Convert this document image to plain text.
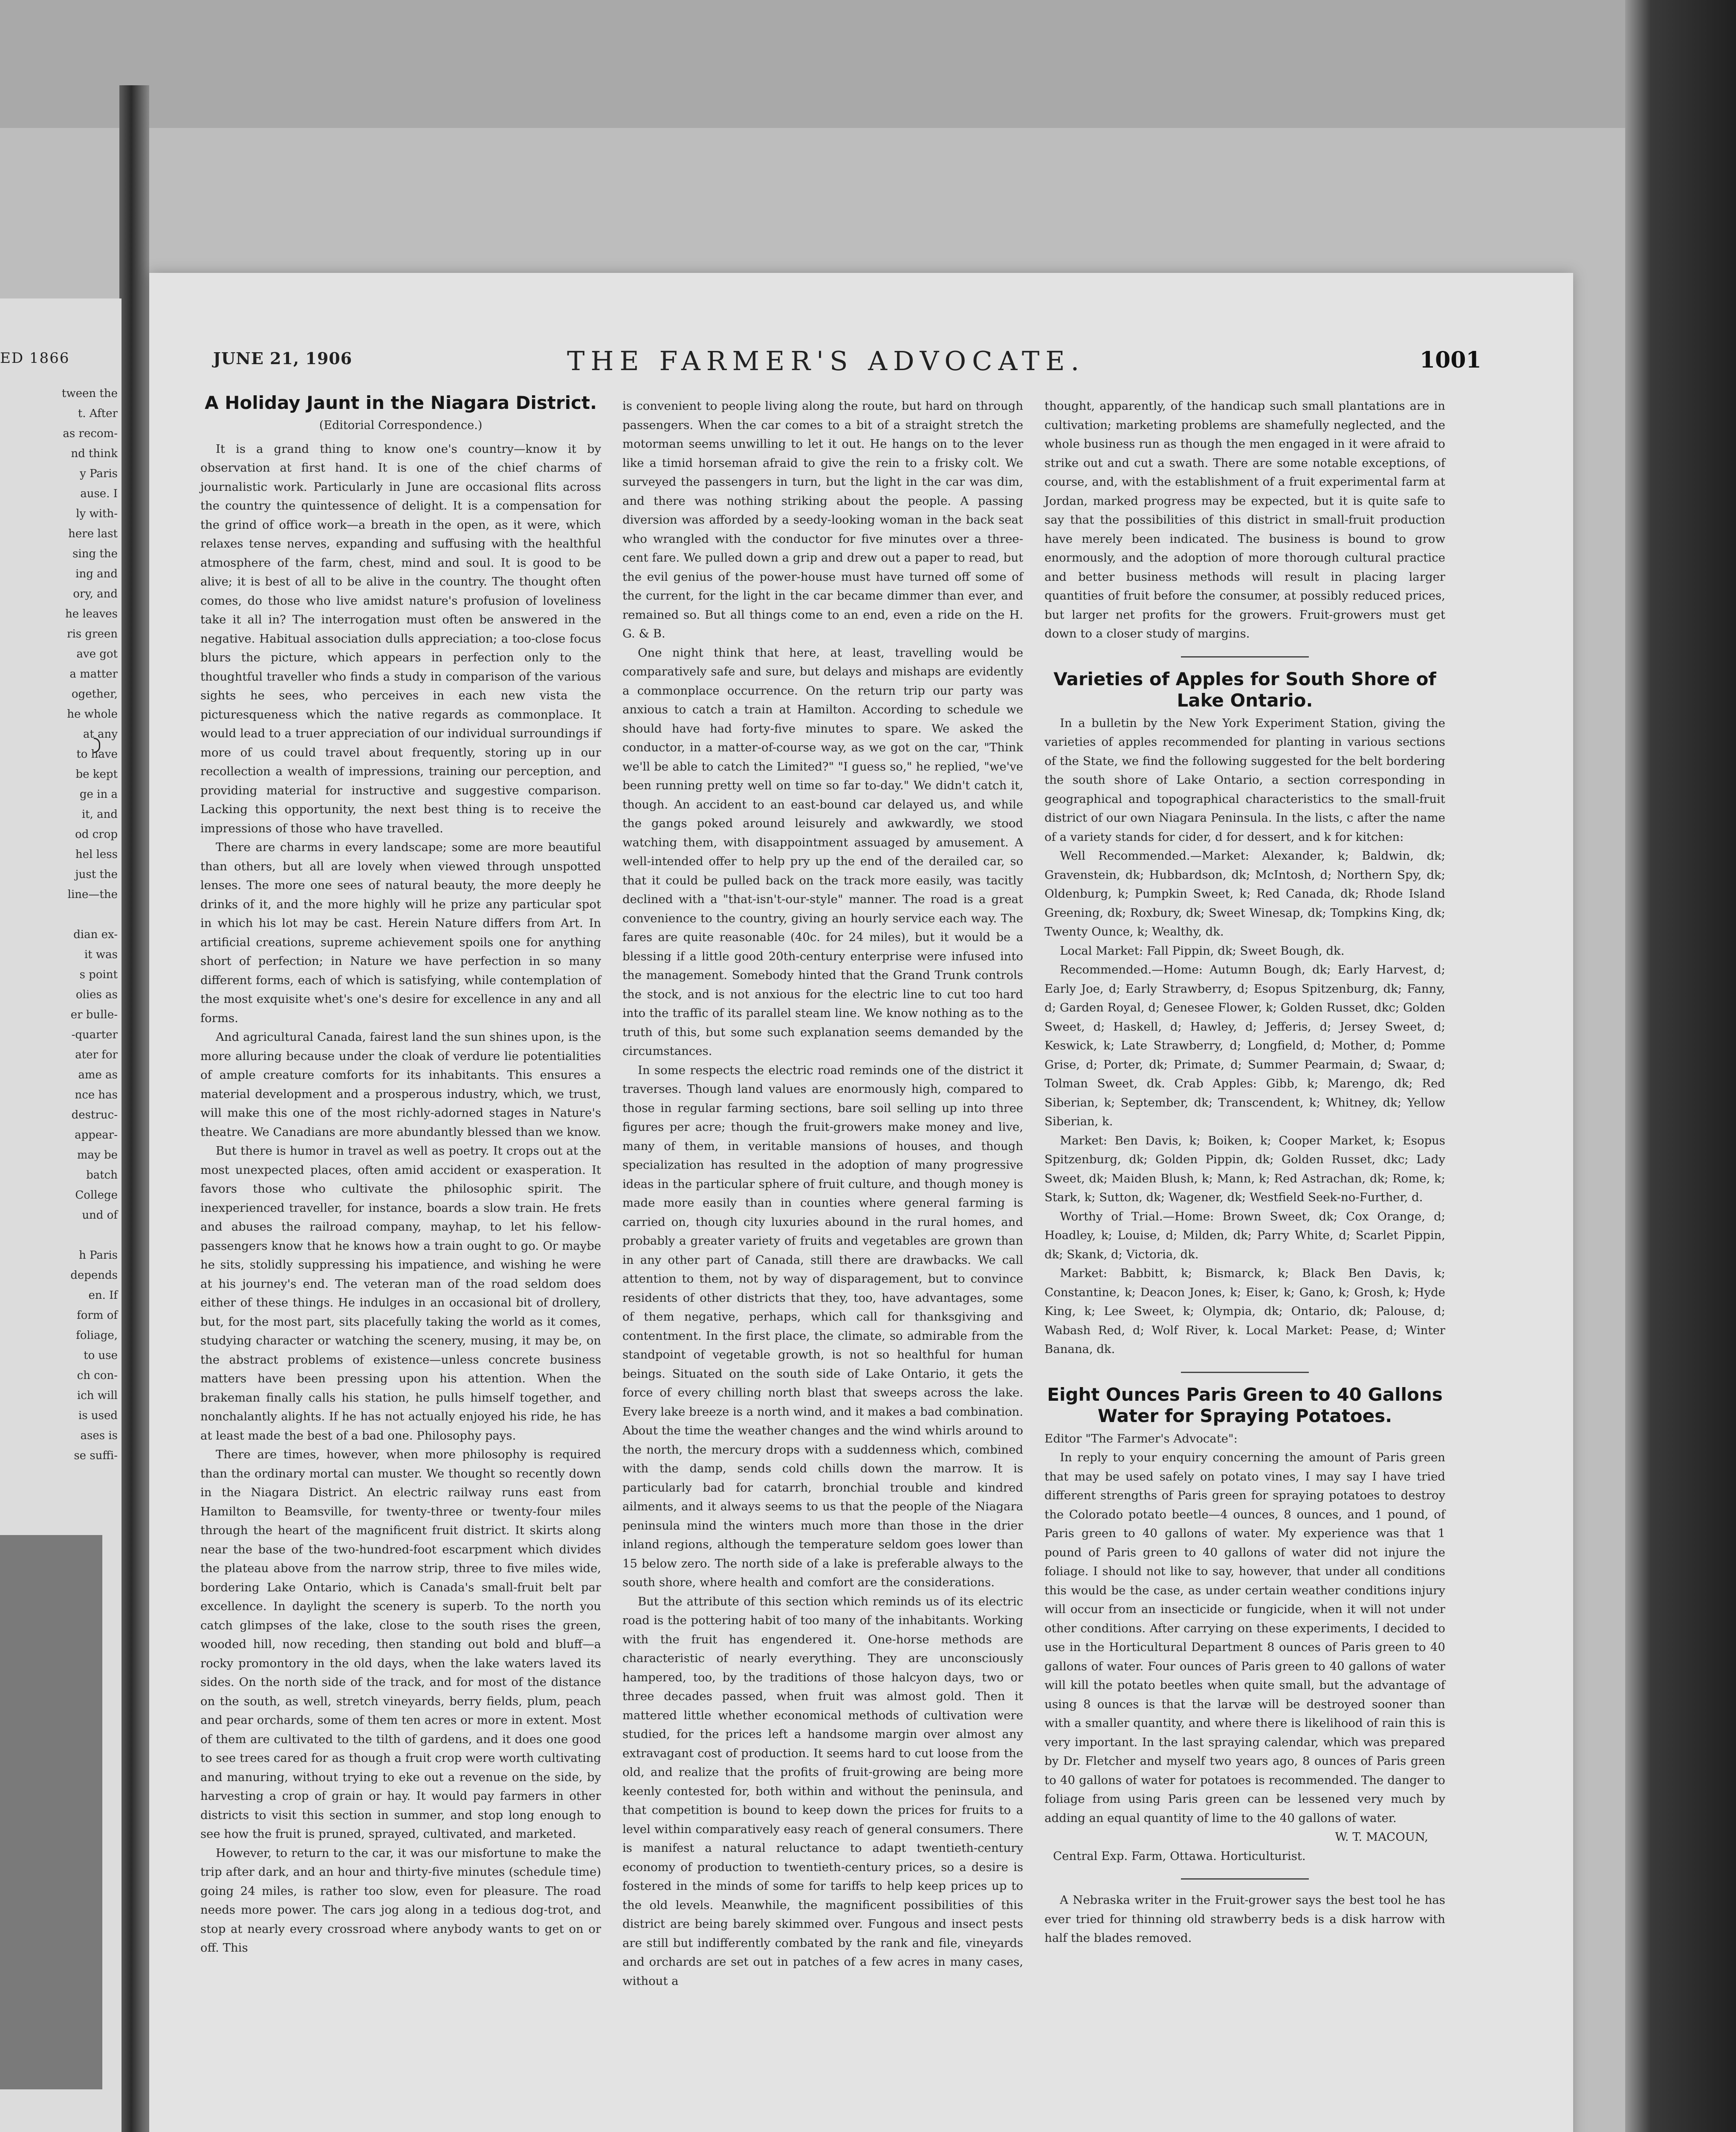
ED 1866
tween the
t. After
as recom-
nd think
y Paris
ause. I
ly with-
here last
sing the
ing and
ory, and
he leaves
ris green
ave got
a matter
ogether,
he whole
at any
to have
be kept
ge in a
it, and
od crop
hel less
just the
line—the

dian ex-
it was
s point
olies as
er bulle-
-quarter
ater for
ame as
nce has
destruc-
appear-
may be
batch
College
und of

h Paris
depends
en. If
form of
foliage,
to use
ch con-
ich will
is used
ases is
se suffi-
JUNE 21, 1906	THE FARMER'S ADVOCATE.	1001
A Holiday Jaunt in the Niagara District.

(Editorial Correspondence.)

It is a grand thing to know one's country—know it by observation at first hand. It is one of the chief charms of journalistic work. Particularly in June are occasional flits across the country the quintessence of delight. It is a compensation for the grind of office work—a breath in the open, as it were, which relaxes tense nerves, expanding and suffusing with the healthful atmosphere of the farm, chest, mind and soul. It is good to be alive; it is best of all to be alive in the country. The thought often comes, do those who live amidst nature's profusion of loveliness take it all in? The interrogation must often be answered in the negative. Habitual association dulls appreciation; a too-close focus blurs the picture, which appears in perfection only to the thoughtful traveller who finds a study in comparison of the various sights he sees, who perceives in each new vista the picturesqueness which the native regards as commonplace. It would lead to a truer appreciation of our individual surroundings if more of us could travel about frequently, storing up in our recollection a wealth of impressions, training our perception, and providing material for instructive and suggestive comparison. Lacking this opportunity, the next best thing is to receive the impressions of those who have travelled.

There are charms in every landscape; some are more beautiful than others, but all are lovely when viewed through unspotted lenses. The more one sees of natural beauty, the more deeply he drinks of it, and the more highly will he prize any particular spot in which his lot may be cast. Herein Nature differs from Art. In artificial creations, supreme achievement spoils one for anything short of perfection; in Nature we have perfection in so many different forms, each of which is satisfying, while contemplation of the most exquisite whet's one's desire for excellence in any and all forms.

And agricultural Canada, fairest land the sun shines upon, is the more alluring because under the cloak of verdure lie potentialities of ample creature comforts for its inhabitants. This ensures a material development and a prosperous industry, which, we trust, will make this one of the most richly-adorned stages in Nature's theatre. We Canadians are more abundantly blessed than we know.

But there is humor in travel as well as poetry. It crops out at the most unexpected places, often amid accident or exasperation. It favors those who cultivate the philosophic spirit. The inexperienced traveller, for instance, boards a slow train. He frets and abuses the railroad company, mayhap, to let his fellow-passengers know that he knows how a train ought to go. Or maybe he sits, stolidly suppressing his impatience, and wishing he were at his journey's end. The veteran man of the road seldom does either of these things. He indulges in an occasional bit of drollery, but, for the most part, sits placefully taking the world as it comes, studying character or watching the scenery, musing, it may be, on the abstract problems of existence—unless concrete business matters have been pressing upon his attention. When the brakeman finally calls his station, he pulls himself together, and nonchalantly alights. If he has not actually enjoyed his ride, he has at least made the best of a bad one. Philosophy pays.

There are times, however, when more philosophy is required than the ordinary mortal can muster. We thought so recently down in the Niagara District. An electric railway runs east from Hamilton to Beamsville, for twenty-three or twenty-four miles through the heart of the magnificent fruit district. It skirts along near the base of the two-hundred-foot escarpment which divides the plateau above from the narrow strip, three to five miles wide, bordering Lake Ontario, which is Canada's small-fruit belt par excellence. In daylight the scenery is superb. To the north you catch glimpses of the lake, close to the south rises the green, wooded hill, now receding, then standing out bold and bluff—a rocky promontory in the old days, when the lake waters laved its sides. On the north side of the track, and for most of the distance on the south, as well, stretch vineyards, berry fields, plum, peach and pear orchards, some of them ten acres or more in extent. Most of them are cultivated to the tilth of gardens, and it does one good to see trees cared for as though a fruit crop were worth cultivating and manuring, without trying to eke out a revenue on the side, by harvesting a crop of grain or hay. It would pay farmers in other districts to visit this section in summer, and stop long enough to see how the fruit is pruned, sprayed, cultivated, and marketed.

However, to return to the car, it was our misfortune to make the trip after dark, and an hour and thirty-five minutes (schedule time) going 24 miles, is rather too slow, even for pleasure. The road needs more power. The cars jog along in a tedious dog-trot, and stop at nearly every crossroad where anybody wants to get on or off. This

is convenient to people living along the route, but hard on through passengers. When the car comes to a bit of a straight stretch the motorman seems unwilling to let it out. He hangs on to the lever like a timid horseman afraid to give the rein to a frisky colt. We surveyed the passengers in turn, but the light in the car was dim, and there was nothing striking about the people. A passing diversion was afforded by a seedy-looking woman in the back seat who wrangled with the conductor for five minutes over a three-cent fare. We pulled down a grip and drew out a paper to read, but the evil genius of the power-house must have turned off some of the current, for the light in the car became dimmer than ever, and remained so. But all things come to an end, even a ride on the H. G. & B.

One night think that here, at least, travelling would be comparatively safe and sure, but delays and mishaps are evidently a commonplace occurrence. On the return trip our party was anxious to catch a train at Hamilton. According to schedule we should have had forty-five minutes to spare. We asked the conductor, in a matter-of-course way, as we got on the car, "Think we'll be able to catch the Limited?" "I guess so," he replied, "we've been running pretty well on time so far to-day." We didn't catch it, though. An accident to an east-bound car delayed us, and while the gangs poked around leisurely and awkwardly, we stood watching them, with disappointment assuaged by amusement. A well-intended offer to help pry up the end of the derailed car, so that it could be pulled back on the track more easily, was tacitly declined with a "that-isn't-our-style" manner. The road is a great convenience to the country, giving an hourly service each way. The fares are quite reasonable (40c. for 24 miles), but it would be a blessing if a little good 20th-century enterprise were infused into the management. Somebody hinted that the Grand Trunk controls the stock, and is not anxious for the electric line to cut too hard into the traffic of its parallel steam line. We know nothing as to the truth of this, but some such explanation seems demanded by the circumstances.

In some respects the electric road reminds one of the district it traverses. Though land values are enormously high, compared to those in regular farming sections, bare soil selling up into three figures per acre; though the fruit-growers make money and live, many of them, in veritable mansions of houses, and though specialization has resulted in the adoption of many progressive ideas in the particular sphere of fruit culture, and though money is made more easily than in counties where general farming is carried on, though city luxuries abound in the rural homes, and probably a greater variety of fruits and vegetables are grown than in any other part of Canada, still there are drawbacks. We call attention to them, not by way of disparagement, but to convince residents of other districts that they, too, have advantages, some of them negative, perhaps, which call for thanksgiving and contentment. In the first place, the climate, so admirable from the standpoint of vegetable growth, is not so healthful for human beings. Situated on the south side of Lake Ontario, it gets the force of every chilling north blast that sweeps across the lake. Every lake breeze is a north wind, and it makes a bad combination. About the time the weather changes and the wind whirls around to the north, the mercury drops with a suddenness which, combined with the damp, sends cold chills down the marrow. It is particularly bad for catarrh, bronchial trouble and kindred ailments, and it always seems to us that the people of the Niagara peninsula mind the winters much more than those in the drier inland regions, although the temperature seldom goes lower than 15 below zero. The north side of a lake is preferable always to the south shore, where health and comfort are the considerations.

But the attribute of this section which reminds us of its electric road is the pottering habit of too many of the inhabitants. Working with the fruit has engendered it. One-horse methods are characteristic of nearly everything. They are unconsciously hampered, too, by the traditions of those halcyon days, two or three decades passed, when fruit was almost gold. Then it mattered little whether economical methods of cultivation were studied, for the prices left a handsome margin over almost any extravagant cost of production. It seems hard to cut loose from the old, and realize that the profits of fruit-growing are being more keenly contested for, both within and without the peninsula, and that competition is bound to keep down the prices for fruits to a level within comparatively easy reach of general consumers. There is manifest a natural reluctance to adapt twentieth-century economy of production to twentieth-century prices, so a desire is fostered in the minds of some for tariffs to help keep prices up to the old levels. Meanwhile, the magnificent possibilities of this district are being barely skimmed over. Fungous and insect pests are still but indifferently combated by the rank and file, vineyards and orchards are set out in patches of a few acres in many cases, without a

thought, apparently, of the handicap such small plantations are in cultivation; marketing problems are shamefully neglected, and the whole business run as though the men engaged in it were afraid to strike out and cut a swath. There are some notable exceptions, of course, and, with the establishment of a fruit experimental farm at Jordan, marked progress may be expected, but it is quite safe to say that the possibilities of this district in small-fruit production have merely been indicated. The business is bound to grow enormously, and the adoption of more thorough cultural practice and better business methods will result in placing larger quantities of fruit before the consumer, at possibly reduced prices, but larger net profits for the growers. Fruit-growers must get down to a closer study of margins.

Varieties of Apples for South Shore of Lake Ontario.

In a bulletin by the New York Experiment Station, giving the varieties of apples recommended for planting in various sections of the State, we find the following suggested for the belt bordering the south shore of Lake Ontario, a section corresponding in geographical and topographical characteristics to the small-fruit district of our own Niagara Peninsula. In the lists, c after the name of a variety stands for cider, d for dessert, and k for kitchen:

Well Recommended.—Market: Alexander, k; Baldwin, dk; Gravenstein, dk; Hubbardson, dk; McIntosh, d; Northern Spy, dk; Oldenburg, k; Pumpkin Sweet, k; Red Canada, dk; Rhode Island Greening, dk; Roxbury, dk; Sweet Winesap, dk; Tompkins King, dk; Twenty Ounce, k; Wealthy, dk.

Local Market: Fall Pippin, dk; Sweet Bough, dk.

Recommended.—Home: Autumn Bough, dk; Early Harvest, d; Early Joe, d; Early Strawberry, d; Esopus Spitzenburg, dk; Fanny, d; Garden Royal, d; Genesee Flower, k; Golden Russet, dkc; Golden Sweet, d; Haskell, d; Hawley, d; Jefferis, d; Jersey Sweet, d; Keswick, k; Late Strawberry, d; Longfield, d; Mother, d; Pomme Grise, d; Porter, dk; Primate, d; Summer Pearmain, d; Swaar, d; Tolman Sweet, dk. Crab Apples: Gibb, k; Marengo, dk; Red Siberian, k; September, dk; Transcendent, k; Whitney, dk; Yellow Siberian, k.

Market: Ben Davis, k; Boiken, k; Cooper Market, k; Esopus Spitzenburg, dk; Golden Pippin, dk; Golden Russet, dkc; Lady Sweet, dk; Maiden Blush, k; Mann, k; Red Astrachan, dk; Rome, k; Stark, k; Sutton, dk; Wagener, dk; Westfield Seek-no-Further, d.

Worthy of Trial.—Home: Brown Sweet, dk; Cox Orange, d; Hoadley, k; Louise, d; Milden, dk; Parry White, d; Scarlet Pippin, dk; Skank, d; Victoria, dk.

Market: Babbitt, k; Bismarck, k; Black Ben Davis, k; Constantine, k; Deacon Jones, k; Eiser, k; Gano, k; Grosh, k; Hyde King, k; Lee Sweet, k; Olympia, dk; Ontario, dk; Palouse, d; Wabash Red, d; Wolf River, k. Local Market: Pease, d; Winter Banana, dk.

Eight Ounces Paris Green to 40 Gallons Water for Spraying Potatoes.

Editor "The Farmer's Advocate":

In reply to your enquiry concerning the amount of Paris green that may be used safely on potato vines, I may say I have tried different strengths of Paris green for spraying potatoes to destroy the Colorado potato beetle—4 ounces, 8 ounces, and 1 pound, of Paris green to 40 gallons of water. My experience was that 1 pound of Paris green to 40 gallons of water did not injure the foliage. I should not like to say, however, that under all conditions this would be the case, as under certain weather conditions injury will occur from an insecticide or fungicide, when it will not under other conditions. After carrying on these experiments, I decided to use in the Horticultural Department 8 ounces of Paris green to 40 gallons of water. Four ounces of Paris green to 40 gallons of water will kill the potato beetles when quite small, but the advantage of using 8 ounces is that the larvæ will be destroyed sooner than with a smaller quantity, and where there is likelihood of rain this is very important. In the last spraying calendar, which was prepared by Dr. Fletcher and myself two years ago, 8 ounces of Paris green to 40 gallons of water for potatoes is recommended. The danger to foliage from using Paris green can be lessened very much by adding an equal quantity of lime to the 40 gallons of water.

W. T. MACOUN,

Central Exp. Farm, Ottawa. Horticulturist.

A Nebraska writer in the Fruit-grower says the best tool he has ever tried for thinning old strawberry beds is a disk harrow with half the blades removed.
